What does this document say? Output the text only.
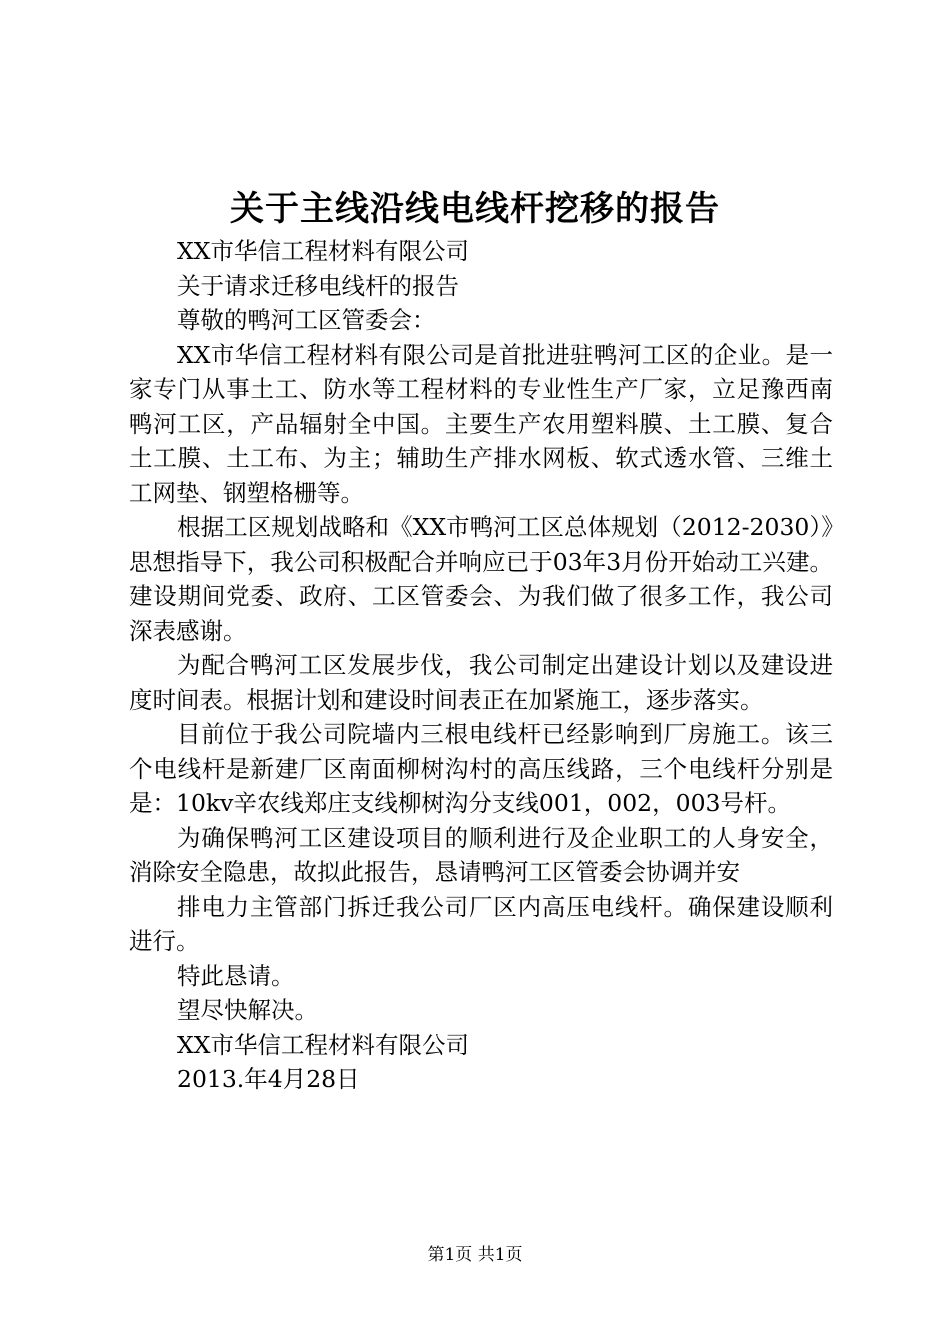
关于主线沿线电线杆挖移的报告

XX市华信工程材料有限公司

关于请求迁移电线杆的报告

尊敬的鸭河工区管委会：

XX市华信工程材料有限公司是首批进驻鸭河工区的企业。是一家专门从事土工、防水等工程材料的专业性生产厂家，立足豫西南鸭河工区，产品辐射全中国。主要生产农用塑料膜、土工膜、复合土工膜、土工布、为主；辅助生产排水网板、软式透水管、三维土工网垫、钢塑格栅等。

根据工区规划战略和《XX市鸭河工区总体规划（2012-2030）》思想指导下，我公司积极配合并响应已于03年3月份开始动工兴建。建设期间党委、政府、工区管委会、为我们做了很多工作，我公司深表感谢。

为配合鸭河工区发展步伐，我公司制定出建设计划以及建设进度时间表。根据计划和建设时间表正在加紧施工，逐步落实。

目前位于我公司院墙内三根电线杆已经影响到厂房施工。该三个电线杆是新建厂区南面柳树沟村的高压线路，三个电线杆分别是是：10kv辛农线郑庄支线柳树沟分支线001，002，003号杆。

为确保鸭河工区建设项目的顺利进行及企业职工的人身安全，消除安全隐患，故拟此报告，恳请鸭河工区管委会协调并安

排电力主管部门拆迁我公司厂区内高压电线杆。确保建设顺利进行。

特此恳请。

望尽快解决。

XX市华信工程材料有限公司

2013.年4月28日

第1页 共1页
